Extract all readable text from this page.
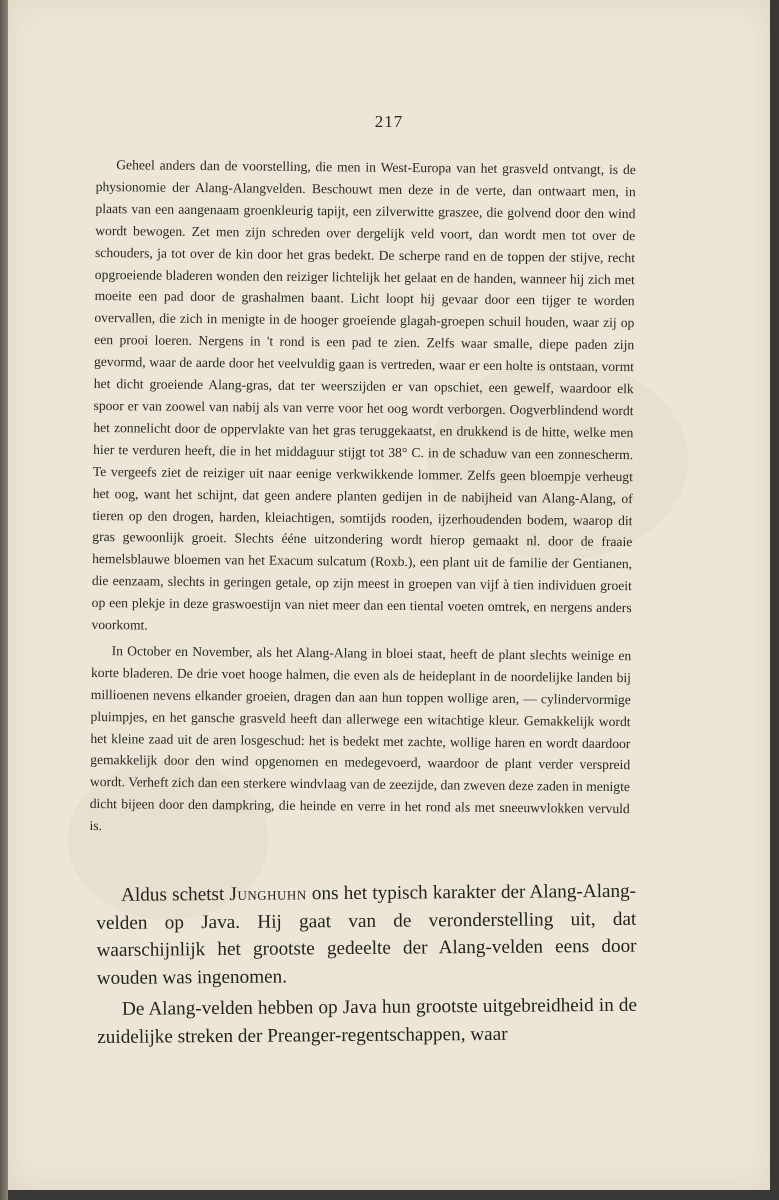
217

Geheel anders dan de voorstelling, die men in West-Europa van het grasveld ontvangt, is de physionomie der Alang-Alangvelden. Beschouwt men deze in de verte, dan ontwaart men, in plaats van een aangenaam groenkleurig tapijt, een zilverwitte graszee, die golvend door den wind wordt bewogen. Zet men zijn schreden over dergelijk veld voort, dan wordt men tot over de schouders, ja tot over de kin door het gras bedekt. De scherpe rand en de toppen der stijve, recht opgroeiende bladeren wonden den reiziger lichtelijk het gelaat en de handen, wanneer hij zich met moeite een pad door de grashalmen baant. Licht loopt hij gevaar door een tijger te worden overvallen, die zich in menigte in de hooger groeiende glagah-groepen schuil houden, waar zij op een prooi loeren. Nergens in 't rond is een pad te zien. Zelfs waar smalle, diepe paden zijn gevormd, waar de aarde door het veelvuldig gaan is vertreden, waar er een holte is ontstaan, vormt het dicht groeiende Alang-gras, dat ter weerszijden er van opschiet, een gewelf, waardoor elk spoor er van zoowel van nabij als van verre voor het oog wordt verborgen. Oogverblindend wordt het zonnelicht door de oppervlakte van het gras teruggekaatst, en drukkend is de hitte, welke men hier te verduren heeft, die in het middaguur stijgt tot 38° C. in de schaduw van een zonnescherm. Te vergeefs ziet de reiziger uit naar eenige verkwikkende lommer. Zelfs geen bloempje verheugt het oog, want het schijnt, dat geen andere planten gedijen in de nabijheid van Alang-Alang, of tieren op den drogen, harden, kleiachtigen, somtijds rooden, ijzerhoudenden bodem, waarop dit gras gewoonlijk groeit. Slechts ééne uitzondering wordt hierop gemaakt nl. door de fraaie hemelsblauwe bloemen van het Exacum sulcatum (Roxb.), een plant uit de familie der Gentianen, die eenzaam, slechts in geringen getale, op zijn meest in groepen van vijf à tien individuen groeit op een plekje in deze graswoestijn van niet meer dan een tiental voeten omtrek, en nergens anders voorkomt.

In October en November, als het Alang-Alang in bloei staat, heeft de plant slechts weinige en korte bladeren. De drie voet hooge halmen, die even als de heideplant in de noordelijke landen bij millioenen nevens elkander groeien, dragen dan aan hun toppen wollige aren, — cylindervormige pluimpjes, en het gansche grasveld heeft dan allerwege een witachtige kleur. Gemakkelijk wordt het kleine zaad uit de aren losgeschud: het is bedekt met zachte, wollige haren en wordt daardoor gemakkelijk door den wind opgenomen en medegevoerd, waardoor de plant verder verspreid wordt. Verheft zich dan een sterkere windvlaag van de zeezijde, dan zweven deze zaden in menigte dicht bijeen door den dampkring, die heinde en verre in het rond als met sneeuwvlokken vervuld is.

Aldus schetst Junghuhn ons het typisch karakter der Alang-Alang-velden op Java. Hij gaat van de veronderstelling uit, dat waarschijnlijk het grootste gedeelte der Alang-velden eens door wouden was ingenomen.

De Alang-velden hebben op Java hun grootste uitgebreidheid in de zuidelijke streken der Preanger-regentschappen, waar
